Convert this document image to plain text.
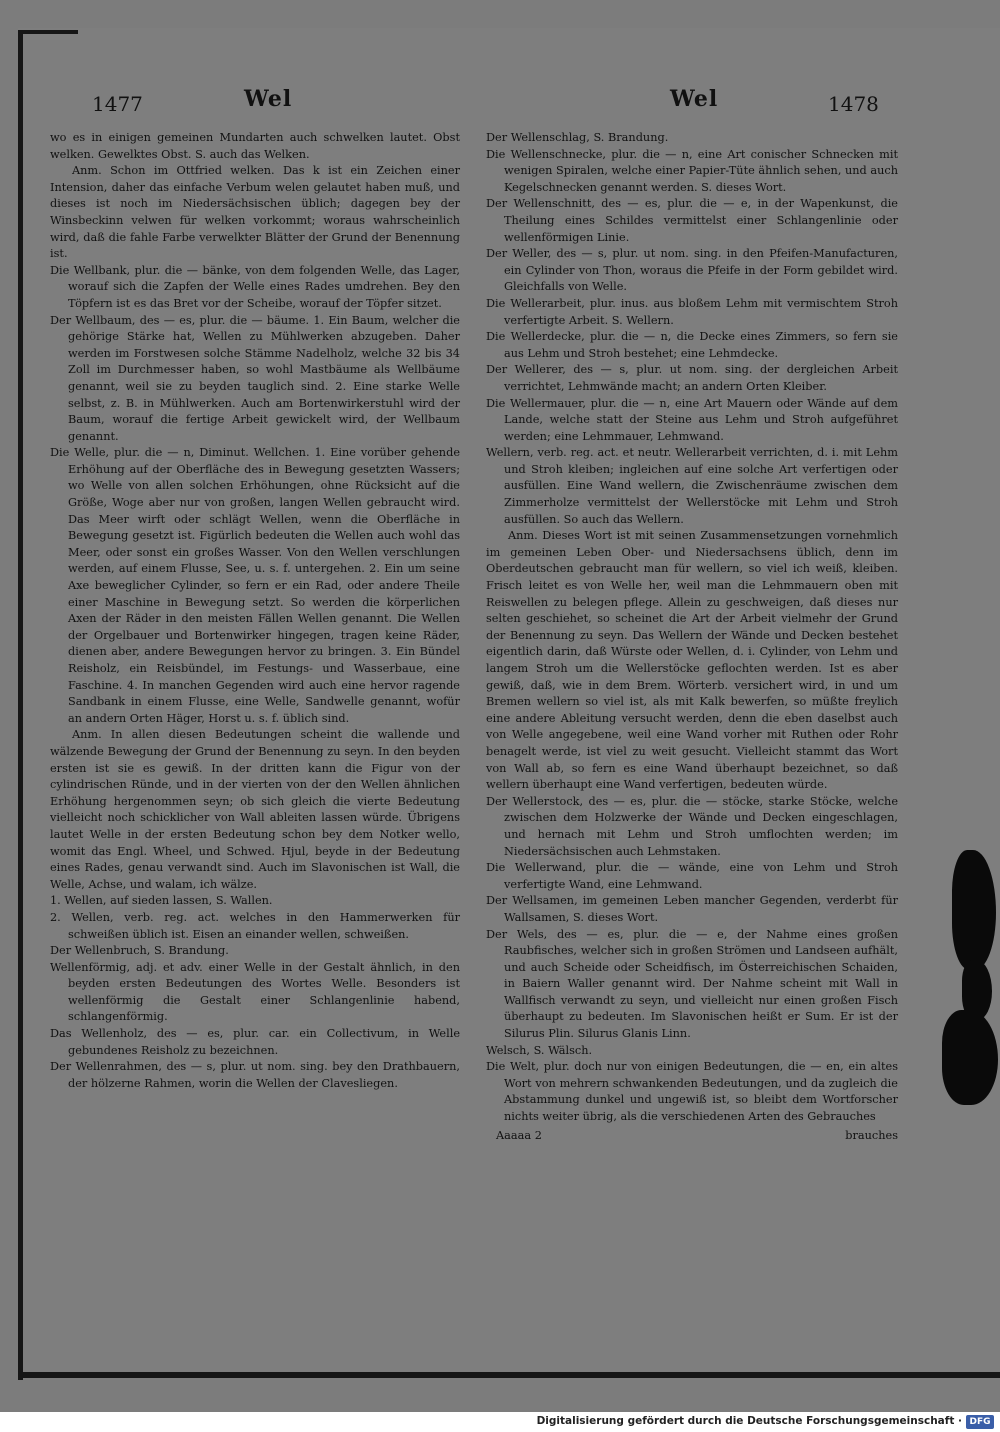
1477	Wel	Wel	1478

wo es in einigen gemeinen Mundarten auch schwelken lautet. Obst welken. Gewelktes Obst. S. auch das Welken.

Anm. Schon im Ottfried welken. Das k ist ein Zeichen einer Intension, daher das einfache Verbum welen gelautet haben muß, und dieses ist noch im Niedersächsischen üblich; dagegen bey der Winsbeckinn velwen für welken vorkommt; woraus wahrscheinlich wird, daß die fahle Farbe verwelkter Blätter der Grund der Benennung ist.

Die Wellbank, plur. die — bänke, von dem folgenden Welle, das Lager, worauf sich die Zapfen der Welle eines Rades umdrehen. Bey den Töpfern ist es das Bret vor der Scheibe, worauf der Töpfer sitzet.

Der Wellbaum, des — es, plur. die — bäume. 1. Ein Baum, welcher die gehörige Stärke hat, Wellen zu Mühlwerken abzugeben. Daher werden im Forstwesen solche Stämme Nadelholz, welche 32 bis 34 Zoll im Durchmesser haben, so wohl Mastbäume als Wellbäume genannt, weil sie zu beyden tauglich sind. 2. Eine starke Welle selbst, z. B. in Mühlwerken. Auch am Bortenwirkerstuhl wird der Baum, worauf die fertige Arbeit gewickelt wird, der Wellbaum genannt.

Die Welle, plur. die — n, Diminut. Wellchen. 1. Eine vorüber gehende Erhöhung auf der Oberfläche des in Bewegung gesetzten Wassers; wo Welle von allen solchen Erhöhungen, ohne Rücksicht auf die Größe, Woge aber nur von großen, langen Wellen gebraucht wird. Das Meer wirft oder schlägt Wellen, wenn die Oberfläche in Bewegung gesetzt ist. Figürlich bedeuten die Wellen auch wohl das Meer, oder sonst ein großes Wasser. Von den Wellen verschlungen werden, auf einem Flusse, See, u. s. f. untergehen. 2. Ein um seine Axe beweglicher Cylinder, so fern er ein Rad, oder andere Theile einer Maschine in Bewegung setzt. So werden die körperlichen Axen der Räder in den meisten Fällen Wellen genannt. Die Wellen der Orgelbauer und Bortenwirker hingegen, tragen keine Räder, dienen aber, andere Bewegungen hervor zu bringen. 3. Ein Bündel Reisholz, ein Reisbündel, im Festungs- und Wasserbaue, eine Faschine. 4. In manchen Gegenden wird auch eine hervor ragende Sandbank in einem Flusse, eine Welle, Sandwelle genannt, wofür an andern Orten Häger, Horst u. s. f. üblich sind.

Anm. In allen diesen Bedeutungen scheint die wallende und wälzende Bewegung der Grund der Benennung zu seyn. In den beyden ersten ist sie es gewiß. In der dritten kann die Figur von der cylindrischen Ründe, und in der vierten von der den Wellen ähnlichen Erhöhung hergenommen seyn; ob sich gleich die vierte Bedeutung vielleicht noch schicklicher von Wall ableiten lassen würde. Übrigens lautet Welle in der ersten Bedeutung schon bey dem Notker wello, womit das Engl. Wheel, und Schwed. Hjul, beyde in der Bedeutung eines Rades, genau verwandt sind. Auch im Slavonischen ist Wall, die Welle, Achse, und walam, ich wälze.

1. Wellen, auf sieden lassen, S. Wallen.

2. Wellen, verb. reg. act. welches in den Hammerwerken für schweißen üblich ist. Eisen an einander wellen, schweißen.

Der Wellenbruch, S. Brandung.

Wellenförmig, adj. et adv. einer Welle in der Gestalt ähnlich, in den beyden ersten Bedeutungen des Wortes Welle. Besonders ist wellenförmig die Gestalt einer Schlangenlinie habend, schlangenförmig.

Das Wellenholz, des — es, plur. car. ein Collectivum, in Welle gebundenes Reisholz zu bezeichnen.

Der Wellenrahmen, des — s, plur. ut nom. sing. bey den Drathbauern, der hölzerne Rahmen, worin die Wellen der Clavesliegen.

Der Wellenschlag, S. Brandung.

Die Wellenschnecke, plur. die — n, eine Art conischer Schnecken mit wenigen Spiralen, welche einer Papier-Tüte ähnlich sehen, und auch Kegelschnecken genannt werden. S. dieses Wort.

Der Wellenschnitt, des — es, plur. die — e, in der Wapenkunst, die Theilung eines Schildes vermittelst einer Schlangenlinie oder wellenförmigen Linie.

Der Weller, des — s, plur. ut nom. sing. in den Pfeifen-Manufacturen, ein Cylinder von Thon, woraus die Pfeife in der Form gebildet wird. Gleichfalls von Welle.

Die Wellerarbeit, plur. inus. aus bloßem Lehm mit vermischtem Stroh verfertigte Arbeit. S. Wellern.

Die Wellerdecke, plur. die — n, die Decke eines Zimmers, so fern sie aus Lehm und Stroh bestehet; eine Lehmdecke.

Der Wellerer, des — s, plur. ut nom. sing. der dergleichen Arbeit verrichtet, Lehmwände macht; an andern Orten Kleiber.

Die Wellermauer, plur. die — n, eine Art Mauern oder Wände auf dem Lande, welche statt der Steine aus Lehm und Stroh aufgeführet werden; eine Lehmmauer, Lehmwand.

Wellern, verb. reg. act. et neutr. Wellerarbeit verrichten, d. i. mit Lehm und Stroh kleiben; ingleichen auf eine solche Art verfertigen oder ausfüllen. Eine Wand wellern, die Zwischenräume zwischen dem Zimmerholze vermittelst der Wellerstöcke mit Lehm und Stroh ausfüllen. So auch das Wellern.

Anm. Dieses Wort ist mit seinen Zusammensetzungen vornehmlich im gemeinen Leben Ober- und Niedersachsens üblich, denn im Oberdeutschen gebraucht man für wellern, so viel ich weiß, kleiben. Frisch leitet es von Welle her, weil man die Lehmmauern oben mit Reiswellen zu belegen pflege. Allein zu geschweigen, daß dieses nur selten geschiehet, so scheinet die Art der Arbeit vielmehr der Grund der Benennung zu seyn. Das Wellern der Wände und Decken bestehet eigentlich darin, daß Würste oder Wellen, d. i. Cylinder, von Lehm und langem Stroh um die Wellerstöcke geflochten werden. Ist es aber gewiß, daß, wie in dem Brem. Wörterb. versichert wird, in und um Bremen wellern so viel ist, als mit Kalk bewerfen, so müßte freylich eine andere Ableitung versucht werden, denn die eben daselbst auch von Welle angegebene, weil eine Wand vorher mit Ruthen oder Rohr benagelt werde, ist viel zu weit gesucht. Vielleicht stammt das Wort von Wall ab, so fern es eine Wand überhaupt bezeichnet, so daß wellern überhaupt eine Wand verfertigen, bedeuten würde.

Der Wellerstock, des — es, plur. die — stöcke, starke Stöcke, welche zwischen dem Holzwerke der Wände und Decken eingeschlagen, und hernach mit Lehm und Stroh umflochten werden; im Niedersächsischen auch Lehmstaken.

Die Wellerwand, plur. die — wände, eine von Lehm und Stroh verfertigte Wand, eine Lehmwand.

Der Wellsamen, im gemeinen Leben mancher Gegenden, verderbt für Wallsamen, S. dieses Wort.

Der Wels, des — es, plur. die — e, der Nahme eines großen Raubfisches, welcher sich in großen Strömen und Landseen aufhält, und auch Scheide oder Scheidfisch, im Österreichischen Schaiden, in Baiern Waller genannt wird. Der Nahme scheint mit Wall in Wallfisch verwandt zu seyn, und vielleicht nur einen großen Fisch überhaupt zu bedeuten. Im Slavonischen heißt er Sum. Er ist der Silurus Plin. Silurus Glanis Linn.

Welsch, S. Wälsch.

Die Welt, plur. doch nur von einigen Bedeutungen, die — en, ein altes Wort von mehrern schwankenden Bedeutungen, und da zugleich die Abstammung dunkel und ungewiß ist, so bleibt dem Wortforscher nichts weiter übrig, als die verschiedenen Arten des Gebrauches

Aaaaa 2	brauches
Digitalisierung gefördert durch die Deutsche Forschungsgemeinschaft · DFG
